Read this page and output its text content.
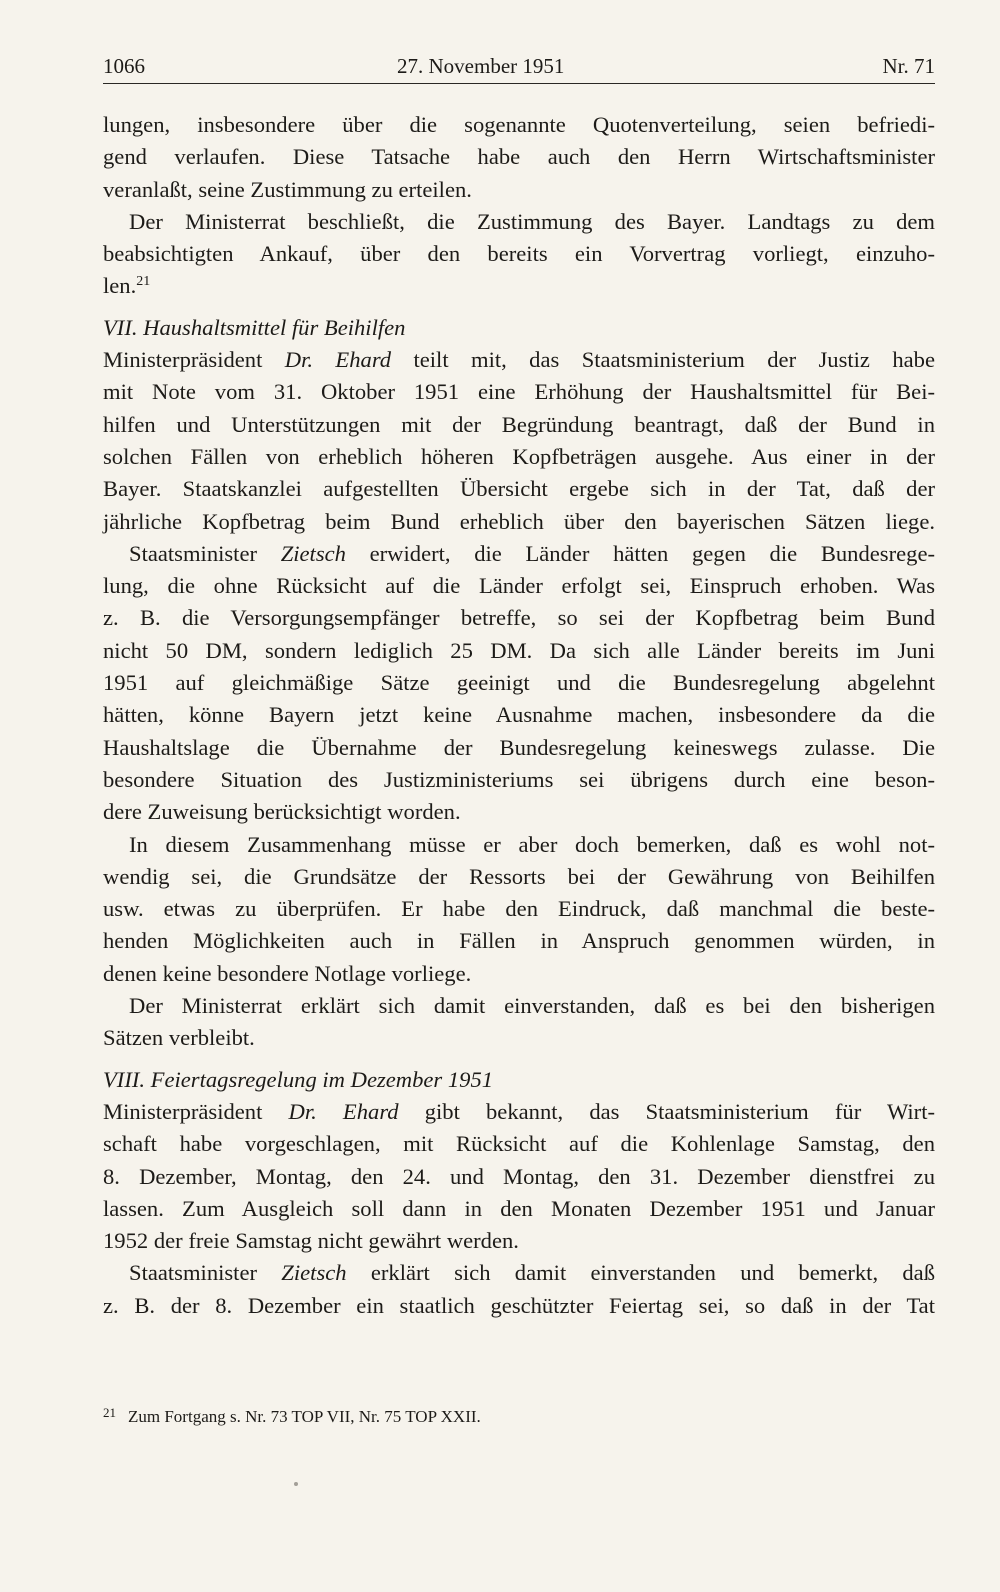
1066	27. November 1951	Nr. 71
lungen, insbesondere über die sogenannte Quotenverteilung, seien befriedi-
gend verlaufen. Diese Tatsache habe auch den Herrn Wirtschaftsminister
veranlaßt, seine Zustimmung zu erteilen.
Der Ministerrat beschließt, die Zustimmung des Bayer. Landtags zu dem
beabsichtigten Ankauf, über den bereits ein Vorvertrag vorliegt, einzuho-
len.$^{21}$
VII. Haushaltsmittel für Beihilfen
Ministerpräsident Dr. Ehard teilt mit, das Staatsministerium der Justiz habe
mit Note vom 31. Oktober 1951 eine Erhöhung der Haushaltsmittel für Bei-
hilfen und Unterstützungen mit der Begründung beantragt, daß der Bund in
solchen Fällen von erheblich höheren Kopfbeträgen ausgehe. Aus einer in der
Bayer. Staatskanzlei aufgestellten Übersicht ergebe sich in der Tat, daß der
jährliche Kopfbetrag beim Bund erheblich über den bayerischen Sätzen liege.
Staatsminister Zietsch erwidert, die Länder hätten gegen die Bundesrege-
lung, die ohne Rücksicht auf die Länder erfolgt sei, Einspruch erhoben. Was
z. B. die Versorgungsempfänger betreffe, so sei der Kopfbetrag beim Bund
nicht 50 DM, sondern lediglich 25 DM. Da sich alle Länder bereits im Juni
1951 auf gleichmäßige Sätze geeinigt und die Bundesregelung abgelehnt
hätten, könne Bayern jetzt keine Ausnahme machen, insbesondere da die
Haushaltslage die Übernahme der Bundesregelung keineswegs zulasse. Die
besondere Situation des Justizministeriums sei übrigens durch eine beson-
dere Zuweisung berücksichtigt worden.
In diesem Zusammenhang müsse er aber doch bemerken, daß es wohl not-
wendig sei, die Grundsätze der Ressorts bei der Gewährung von Beihilfen
usw. etwas zu überprüfen. Er habe den Eindruck, daß manchmal die beste-
henden Möglichkeiten auch in Fällen in Anspruch genommen würden, in
denen keine besondere Notlage vorliege.
Der Ministerrat erklärt sich damit einverstanden, daß es bei den bisherigen
Sätzen verbleibt.
VIII. Feiertagsregelung im Dezember 1951
Ministerpräsident Dr. Ehard gibt bekannt, das Staatsministerium für Wirt-
schaft habe vorgeschlagen, mit Rücksicht auf die Kohlenlage Samstag, den
8. Dezember, Montag, den 24. und Montag, den 31. Dezember dienstfrei zu
lassen. Zum Ausgleich soll dann in den Monaten Dezember 1951 und Januar
1952 der freie Samstag nicht gewährt werden.
Staatsminister Zietsch erklärt sich damit einverstanden und bemerkt, daß
z. B. der 8. Dezember ein staatlich geschützter Feiertag sei, so daß in der Tat
$^{21}$ Zum Fortgang s. Nr. 73 TOP VII, Nr. 75 TOP XXII.
